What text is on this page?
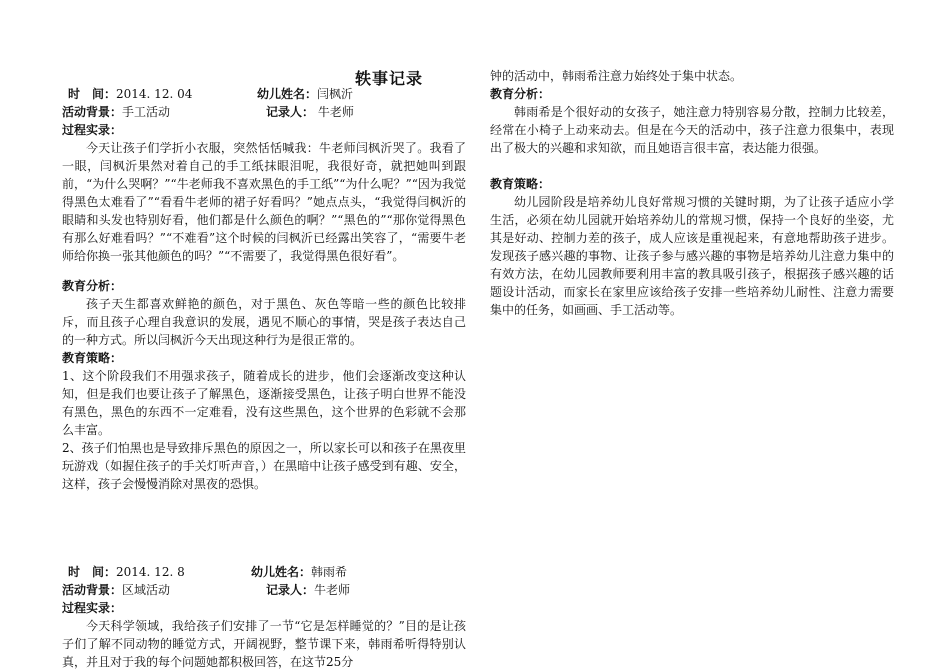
轶事记录
时　间：2014. 12. 04	幼儿姓名：闫枫沂
活动背景：手工活动	记录人： 牛老师
过程实录：
今天让孩子们学折小衣服，突然恬恬喊我：牛老师闫枫沂哭了。我看了一眼，闫枫沂果然对着自己的手工纸抹眼泪呢，我很好奇，就把她叫到跟前，“为什么哭啊？”“牛老师我不喜欢黑色的手工纸”“为什么呢？”“因为我觉得黑色太难看了”“看看牛老师的裙子好看吗？”她点点头，“我觉得闫枫沂的眼睛和头发也特别好看，他们都是什么颜色的啊？”“黑色的”“那你觉得黑色有那么好难看吗？”“不难看”这个时候的闫枫沂已经露出笑容了，“需要牛老师给你换一张其他颜色的吗？”“不需要了，我觉得黑色很好看”。
教育分析：
孩子天生都喜欢鲜艳的颜色，对于黑色、灰色等暗一些的颜色比较排斥，而且孩子心理自我意识的发展，遇见不顺心的事情，哭是孩子表达自己的一种方式。所以闫枫沂今天出现这种行为是很正常的。
教育策略：
1、这个阶段我们不用强求孩子，随着成长的进步，他们会逐渐改变这种认知，但是我们也要让孩子了解黑色，逐渐接受黑色，让孩子明白世界不能没有黑色，黑色的东西不一定难看，没有这些黑色，这个世界的色彩就不会那么丰富。
2、孩子们怕黑也是导致排斥黑色的原因之一，所以家长可以和孩子在黑夜里玩游戏（如握住孩子的手关灯听声音，）在黑暗中让孩子感受到有趣、安全，这样，孩子会慢慢消除对黑夜的恐惧。
时　间：2014. 12. 8	幼儿姓名：韩雨希
活动背景：区域活动	记录人：牛老师
过程实录：
今天科学领域，我给孩子们安排了一节“它是怎样睡觉的？”目的是让孩子们了解不同动物的睡觉方式，开阔视野，整节课下来，韩雨希听得特别认真，并且对于我的每个问题她都积极回答，在这节25分
钟的活动中，韩雨希注意力始终处于集中状态。
教育分析：
韩雨希是个很好动的女孩子，她注意力特别容易分散，控制力比较差，经常在小椅子上动来动去。但是在今天的活动中，孩子注意力很集中，表现出了极大的兴趣和求知欲，而且她语言很丰富，表达能力很强。
教育策略：
幼儿园阶段是培养幼儿良好常规习惯的关键时期，为了让孩子适应小学生活，必须在幼儿园就开始培养幼儿的常规习惯，保持一个良好的坐姿，尤其是好动、控制力差的孩子，成人应该是重视起来，有意地帮助孩子进步。发现孩子感兴趣的事物、让孩子参与感兴趣的事物是培养幼儿注意力集中的有效方法，在幼儿园教师要利用丰富的教具吸引孩子，根据孩子感兴趣的话题设计活动，而家长在家里应该给孩子安排一些培养幼儿耐性、注意力需要集中的任务，如画画、手工活动等。
